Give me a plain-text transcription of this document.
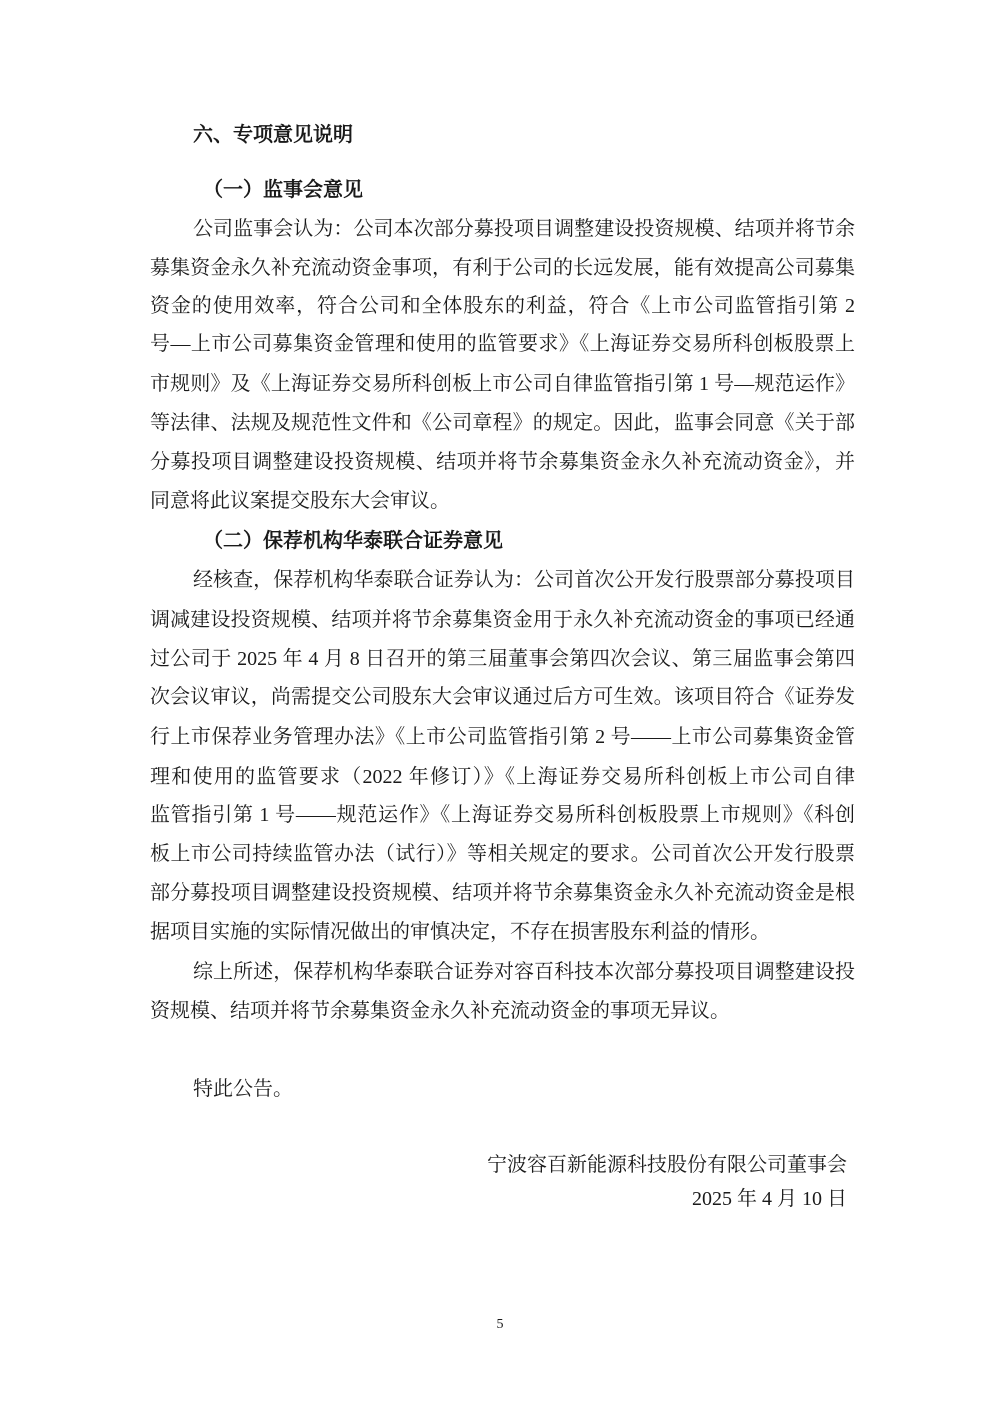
六、专项意见说明
（一）监事会意见
公司监事会认为：公司本次部分募投项目调整建设投资规模、结项并将节余
募集资金永久补充流动资金事项，有利于公司的长远发展，能有效提高公司募集
资金的使用效率，符合公司和全体股东的利益，符合《上市公司监管指引第 2
号—上市公司募集资金管理和使用的监管要求》《上海证券交易所科创板股票上
市规则》及《上海证券交易所科创板上市公司自律监管指引第 1 号—规范运作》
等法律、法规及规范性文件和《公司章程》的规定。因此，监事会同意《关于部
分募投项目调整建设投资规模、结项并将节余募集资金永久补充流动资金》，并
同意将此议案提交股东大会审议。
（二）保荐机构华泰联合证券意见
经核查，保荐机构华泰联合证券认为：公司首次公开发行股票部分募投项目
调减建设投资规模、结项并将节余募集资金用于永久补充流动资金的事项已经通
过公司于 2025 年 4 月 8 日召开的第三届董事会第四次会议、第三届监事会第四
次会议审议，尚需提交公司股东大会审议通过后方可生效。该项目符合《证券发
行上市保荐业务管理办法》《上市公司监管指引第 2 号——上市公司募集资金管
理和使用的监管要求（2022 年修订）》《上海证券交易所科创板上市公司自律
监管指引第 1 号——规范运作》《上海证券交易所科创板股票上市规则》《科创
板上市公司持续监管办法（试行）》等相关规定的要求。公司首次公开发行股票
部分募投项目调整建设投资规模、结项并将节余募集资金永久补充流动资金是根
据项目实施的实际情况做出的审慎决定，不存在损害股东利益的情形。
综上所述，保荐机构华泰联合证券对容百科技本次部分募投项目调整建设投
资规模、结项并将节余募集资金永久补充流动资金的事项无异议。
特此公告。
宁波容百新能源科技股份有限公司董事会
2025 年 4 月 10 日
5
